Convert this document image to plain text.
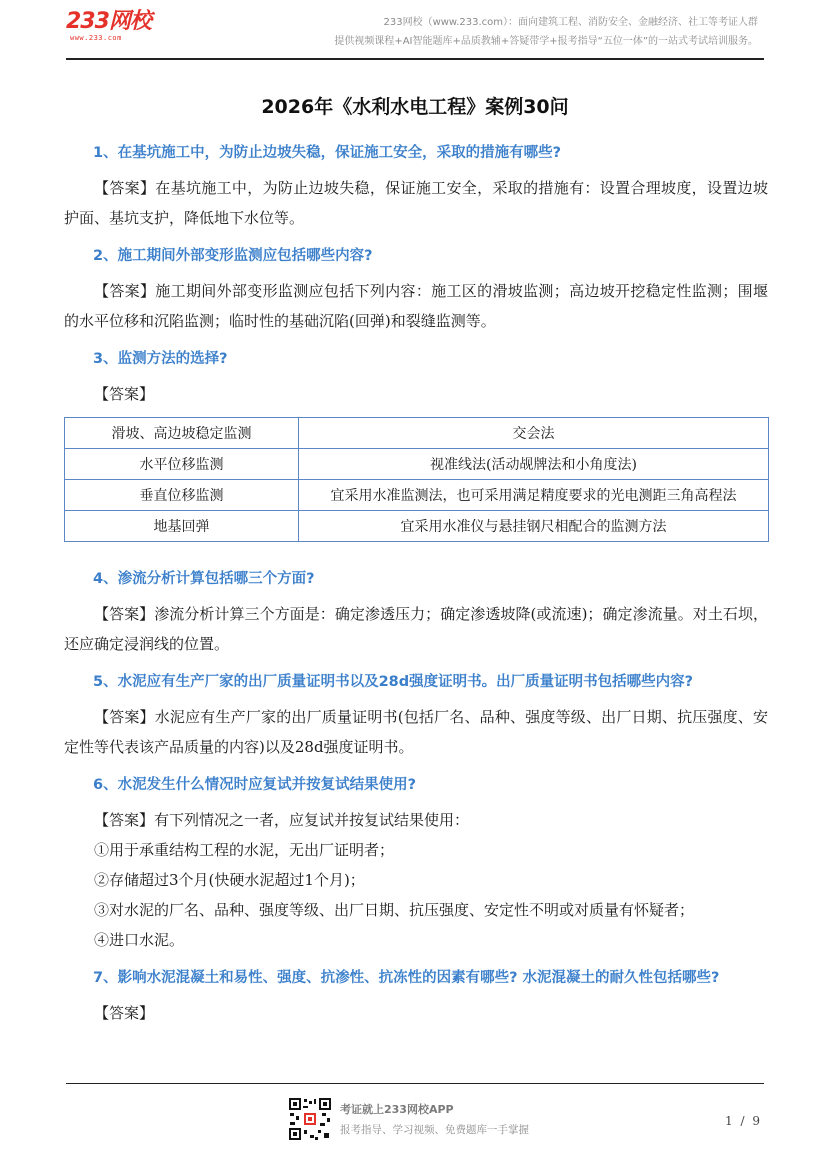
233网校
www.233.com
233网校（www.233.com）：面向建筑工程、消防安全、金融经济、社工等考证人群
提供视频课程+AI智能题库+品质教辅+答疑带学+报考指导“五位一体”的一站式考试培训服务。
2026年《水利水电工程》案例30问
1、在基坑施工中，为防止边坡失稳，保证施工安全，采取的措施有哪些?
【答案】在基坑施工中，为防止边坡失稳，保证施工安全，采取的措施有：设置合理坡度，设置边坡护面、基坑支护，降低地下水位等。
2、施工期间外部变形监测应包括哪些内容?
【答案】施工期间外部变形监测应包括下列内容：施工区的滑坡监测；高边坡开挖稳定性监测；围堰的水平位移和沉陷监测；临时性的基础沉陷(回弹)和裂缝监测等。
3、监测方法的选择?
【答案】
滑坡、高边坡稳定监测	交会法
水平位移监测	视准线法(活动觇牌法和小角度法)
垂直位移监测	宜采用水准监测法，也可采用满足精度要求的光电测距三角高程法
地基回弹	宜采用水准仪与悬挂钢尺相配合的监测方法
4、渗流分析计算包括哪三个方面?
【答案】渗流分析计算三个方面是：确定渗透压力；确定渗透坡降(或流速)；确定渗流量。对土石坝，还应确定浸润线的位置。
5、水泥应有生产厂家的出厂质量证明书以及28d强度证明书。出厂质量证明书包括哪些内容?
【答案】水泥应有生产厂家的出厂质量证明书(包括厂名、品种、强度等级、出厂日期、抗压强度、安定性等代表该产品质量的内容)以及28d强度证明书。
6、水泥发生什么情况时应复试并按复试结果使用?
【答案】有下列情况之一者，应复试并按复试结果使用：
①用于承重结构工程的水泥，无出厂证明者；
②存储超过3个月(快硬水泥超过1个月)；
③对水泥的厂名、品种、强度等级、出厂日期、抗压强度、安定性不明或对质量有怀疑者；
④进口水泥。
7、影响水泥混凝土和易性、强度、抗渗性、抗冻性的因素有哪些? 水泥混凝土的耐久性包括哪些?
【答案】
考证就上233网校APP
报考指导、学习视频、免费题库一手掌握
1 / 9
